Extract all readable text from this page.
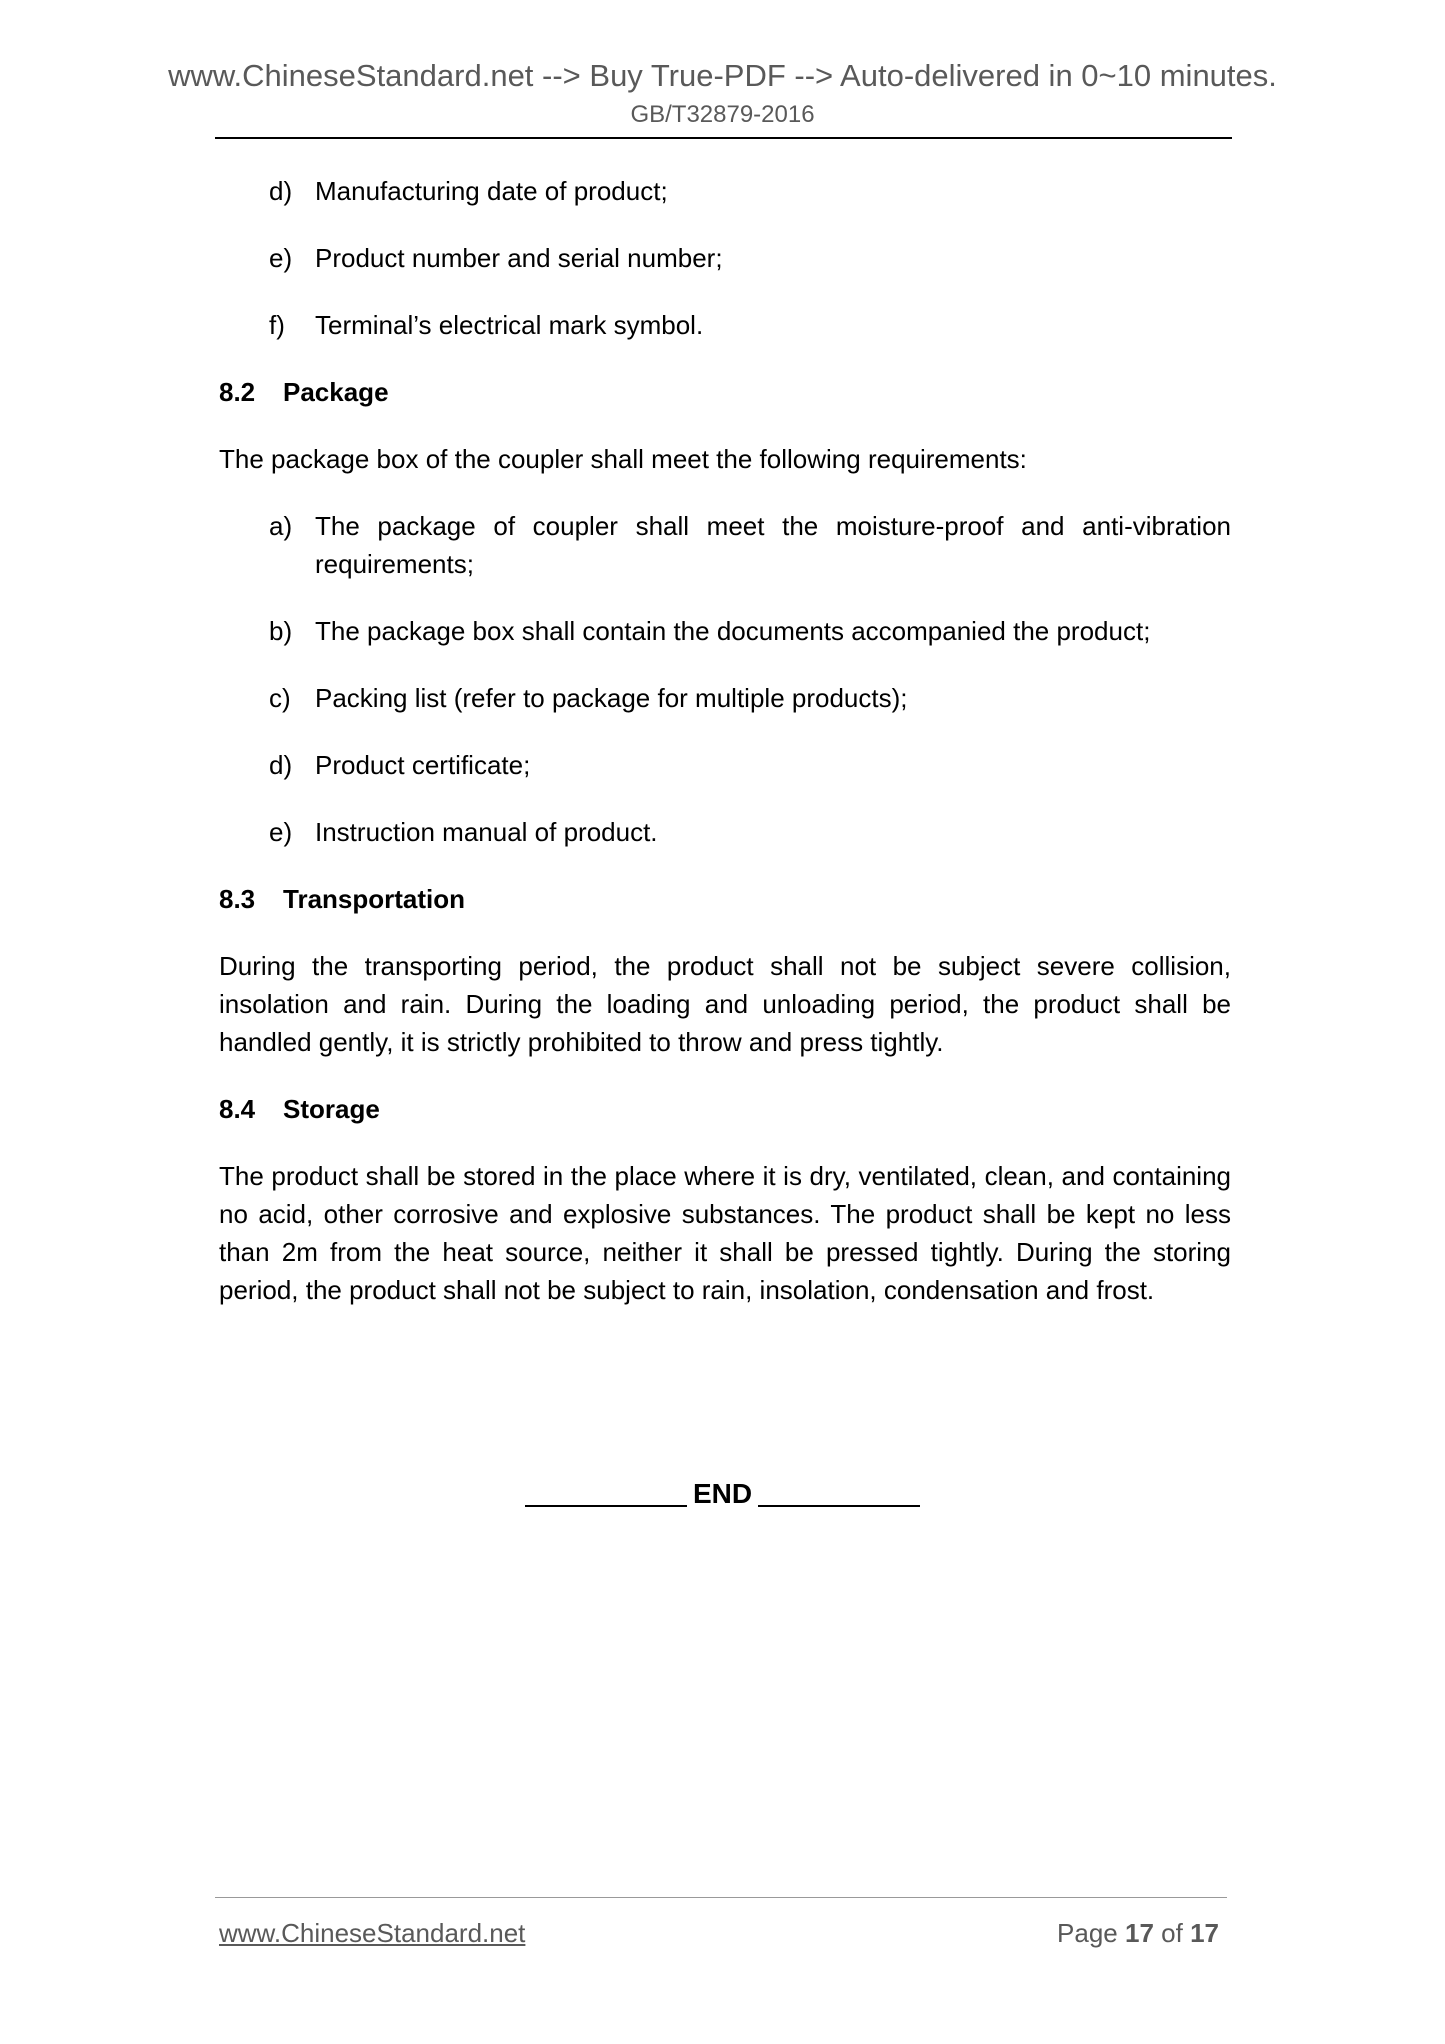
www.ChineseStandard.net --> Buy True-PDF --> Auto-delivered in 0~10 minutes.
GB/T32879-2016
d) Manufacturing date of product;
e) Product number and serial number;
f) Terminal’s electrical mark symbol.
8.2 Package
The package box of the coupler shall meet the following requirements:
a) The package of coupler shall meet the moisture-proof and anti-vibration requirements;
b) The package box shall contain the documents accompanied the product;
c) Packing list (refer to package for multiple products);
d) Product certificate;
e) Instruction manual of product.
8.3 Transportation
During the transporting period, the product shall not be subject severe collision, insolation and rain. During the loading and unloading period, the product shall be handled gently, it is strictly prohibited to throw and press tightly.
8.4 Storage
The product shall be stored in the place where it is dry, ventilated, clean, and containing no acid, other corrosive and explosive substances. The product shall be kept no less than 2m from the heat source, neither it shall be pressed tightly. During the storing period, the product shall not be subject to rain, insolation, condensation and frost.
END
www.ChineseStandard.net	Page 17 of 17
